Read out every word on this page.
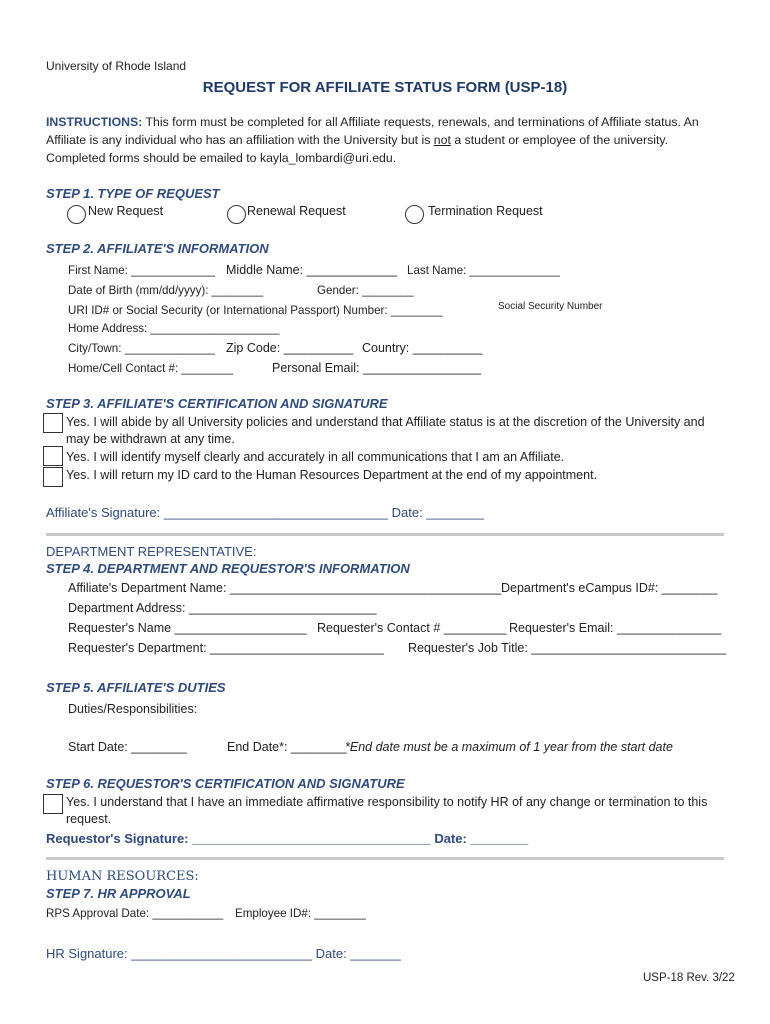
University of Rhode Island
REQUEST FOR AFFILIATE STATUS FORM (USP-18)
INSTRUCTIONS: This form must be completed for all Affiliate requests, renewals, and terminations of Affiliate status. An Affiliate is any individual who has an affiliation with the University but is not a student or employee of the university. Completed forms should be emailed to kayla_lombardi@uri.edu.
STEP 1. TYPE OF REQUEST
New Request	Renewal Request	Termination Request
STEP 2. AFFILIATE'S INFORMATION
First Name: _____________ Middle Name: _____________ Last Name: ______________
Date of Birth (mm/dd/yyyy): ________	Gender: ________
URI ID# or Social Security (or International Passport) Number: ________	Social Security Number
Home Address: ____________________
City/Town: ______________ Zip Code: __________ Country: __________
Home/Cell Contact #: ________	Personal Email: _________________
STEP 3. AFFILIATE'S CERTIFICATION AND SIGNATURE
Yes. I will abide by all University policies and understand that Affiliate status is at the discretion of the University and
may be withdrawn at any time.
Yes. I will identify myself clearly and accurately in all communications that I am an Affiliate.
Yes. I will return my ID card to the Human Resources Department at the end of my appointment.
Affiliate's Signature: _______________________________ Date: ________
DEPARTMENT REPRESENTATIVE:
STEP 4. DEPARTMENT AND REQUESTOR'S INFORMATION
Affiliate's Department Name: _______________________________________ Department's eCampus ID#: ________
Department Address: ___________________________
Requester's Name ___________________ Requester's Contact # _________ Requester's Email: _______________
Requester's Department: _________________________ Requester's Job Title: ____________________________
STEP 5. AFFILIATE'S DUTIES
Duties/Responsibilities:
Start Date: ________	End Date*: ________
*End date must be a maximum of 1 year from the start date
STEP 6. REQUESTOR'S CERTIFICATION AND SIGNATURE
Yes. I understand that I have an immediate affirmative responsibility to notify HR of any change or termination to this
request.
Requestor's Signature: _________________________________ Date: ________
HUMAN RESOURCES:
STEP 7. HR APPROVAL
RPS Approval Date: ___________ Employee ID#: ________
HR Signature: _________________________ Date: _______
USP-18 Rev. 3/22
